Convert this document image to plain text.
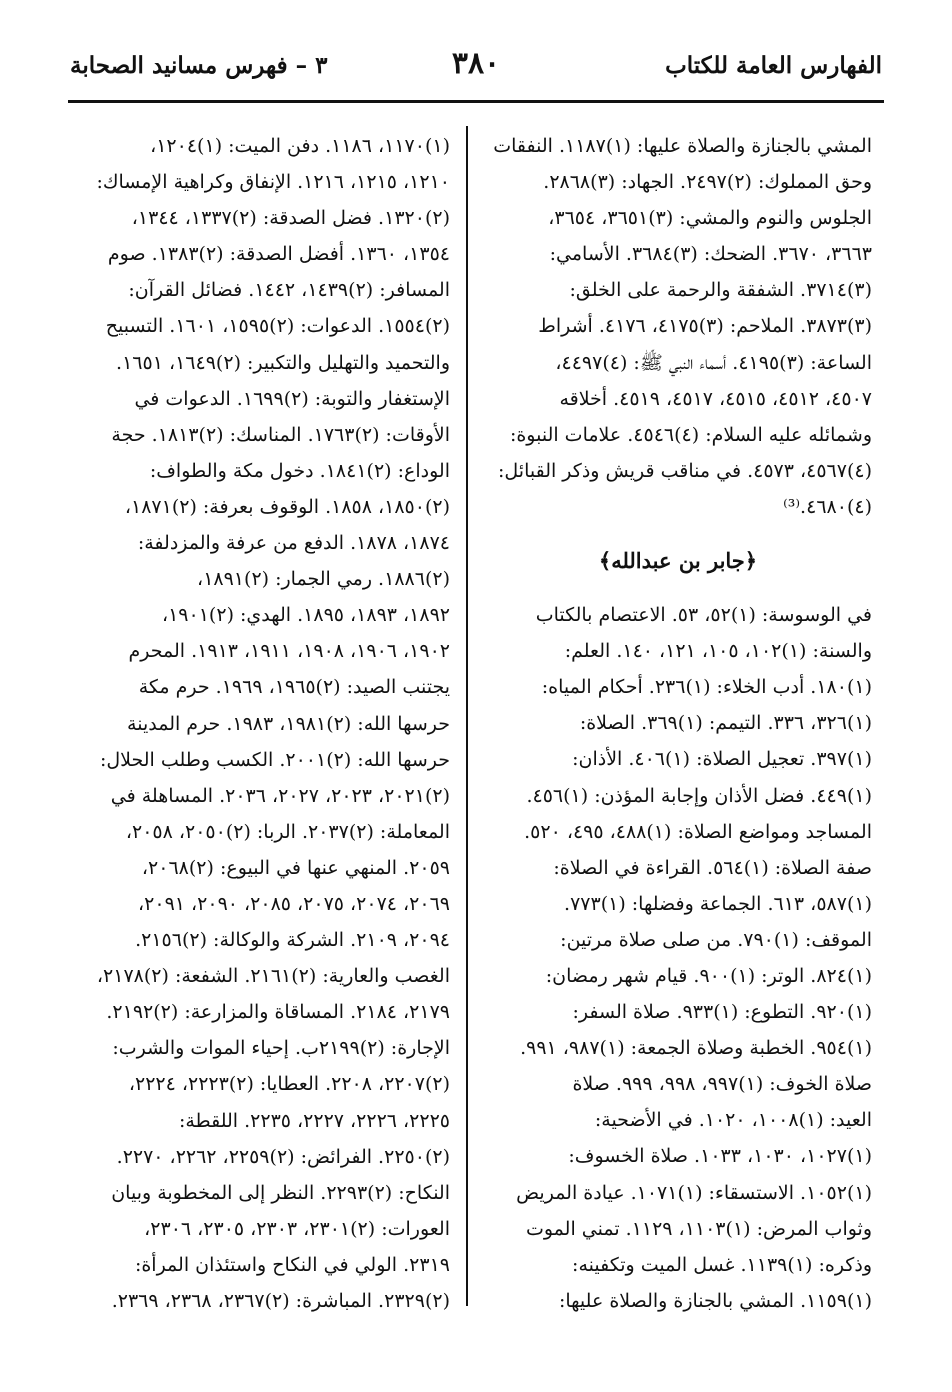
الفهارس العامة للكتاب
٣٨٠
٣ – فهرس مسانيد الصحابة
المشي بالجنازة والصلاة عليها: (١)١١٨٧. النفقات
وحق المملوك: (٢)٢٤٩٧. الجهاد: (٣)٢٨٦٨.
الجلوس والنوم والمشي: (٣)٣٦٥١، ٣٦٥٤،
٣٦٦٣، ٣٦٧٠. الضحك: (٣)٣٦٨٤. الأسامي:
(٣)٣٧١٤. الشفقة والرحمة على الخلق:
(٣)٣٨٧٣. الملاحم: (٣)٤١٧٥، ٤١٧٦. أشراط
الساعة: (٣)٤١٩٥. أسماء النبي ﷺ: (٤)٤٤٩٧،
٤٥٠٧، ٤٥١٢، ٤٥١٥، ٤٥١٧، ٤٥١٩. أخلاقه
وشمائله عليه السلام: (٤)٤٥٤٦. علامات النبوة:
(٤)٤٥٦٧، ٤٥٧٣. في مناقب قريش وذكر القبائل:
(٤)٤٦٨٠.⁽³⁾
﴿جابر بن عبدالله﴾
في الوسوسة: (١)٥٢، ٥٣. الاعتصام بالكتاب
والسنة: (١)١٠٢، ١٠٥، ١٢١، ١٤٠. العلم:
(١)١٨٠. أدب الخلاء: (١)٢٣٦. أحكام المياه:
(١)٣٢٦، ٣٣٦. التيمم: (١)٣٦٩. الصلاة:
(١)٣٩٧. تعجيل الصلاة: (١)٤٠٦. الأذان:
(١)٤٤٩. فضل الأذان وإجابة المؤذن: (١)٤٥٦.
المساجد ومواضع الصلاة: (١)٤٨٨، ٤٩٥، ٥٢٠.
صفة الصلاة: (١)٥٦٤. القراءة في الصلاة:
(١)٥٨٧، ٦١٣. الجماعة وفضلها: (١)٧٧٣.
الموقف: (١)٧٩٠. من صلى صلاة مرتين:
(١)٨٢٤. الوتر: (١)٩٠٠. قيام شهر رمضان:
(١)٩٢٠. التطوع: (١)٩٣٣. صلاة السفر:
(١)٩٥٤. الخطبة وصلاة الجمعة: (١)٩٨٧، ٩٩١.
صلاة الخوف: (١)٩٩٧، ٩٩٨، ٩٩٩. صلاة
العيد: (١)١٠٠٨، ١٠٢٠. في الأضحية:
(١)١٠٢٧، ١٠٣٠، ١٠٣٣. صلاة الخسوف:
(١)١٠٥٢. الاستسقاء: (١)١٠٧١. عيادة المريض
وثواب المرض: (١)١١٠٣، ١١٢٩. تمني الموت
وذكره: (١)١١٣٩. غسل الميت وتكفينه:
(١)١١٥٩. المشي بالجنازة والصلاة عليها:
(١)١١٧٠، ١١٨٦. دفن الميت: (١)١٢٠٤،
١٢١٠، ١٢١٥، ١٢١٦. الإنفاق وكراهية الإمساك:
(٢)١٣٢٠. فضل الصدقة: (٢)١٣٣٧، ١٣٤٤،
١٣٥٤، ١٣٦٠. أفضل الصدقة: (٢)١٣٨٣. صوم
المسافر: (٢)١٤٣٩، ١٤٤٢. فضائل القرآن:
(٢)١٥٥٤. الدعوات: (٢)١٥٩٥، ١٦٠١. التسبيح
والتحميد والتهليل والتكبير: (٢)١٦٤٩، ١٦٥١.
الإستغفار والتوبة: (٢)١٦٩٩. الدعوات في
الأوقات: (٢)١٧٦٣. المناسك: (٢)١٨١٣. حجة
الوداع: (٢)١٨٤١. دخول مكة والطواف:
(٢)١٨٥٠، ١٨٥٨. الوقوف بعرفة: (٢)١٨٧١،
١٨٧٤، ١٨٧٨. الدفع من عرفة والمزدلفة:
(٢)١٨٨٦. رمي الجمار: (٢)١٨٩١،
١٨٩٢، ١٨٩٣، ١٨٩٥. الهدي: (٢)١٩٠١،
١٩٠٢، ١٩٠٦، ١٩٠٨، ١٩١١، ١٩١٣. المحرم
يجتنب الصيد: (٢)١٩٦٥، ١٩٦٩. حرم مكة
حرسها الله: (٢)١٩٨١، ١٩٨٣. حرم المدينة
حرسها الله: (٢)٢٠٠١. الكسب وطلب الحلال:
(٢)٢٠٢١، ٢٠٢٣، ٢٠٢٧، ٢٠٣٦. المساهلة في
المعاملة: (٢)٢٠٣٧. الربا: (٢)٢٠٥٠، ٢٠٥٨،
٢٠٥٩. المنهي عنها في البيوع: (٢)٢٠٦٨،
٢٠٦٩، ٢٠٧٤، ٢٠٧٥، ٢٠٨٥، ٢٠٩٠، ٢٠٩١،
٢٠٩٤، ٢١٠٩. الشركة والوكالة: (٢)٢١٥٦.
الغصب والعارية: (٢)٢١٦١. الشفعة: (٢)٢١٧٨،
٢١٧٩، ٢١٨٤. المساقاة والمزارعة: (٢)٢١٩٢.
الإجارة: (٢)٢١٩٩ب. إحياء الموات والشرب:
(٢)٢٢٠٧، ٢٢٠٨. العطايا: (٢)٢٢٢٣، ٢٢٢٤،
٢٢٢٥، ٢٢٢٦، ٢٢٢٧، ٢٢٣٥. اللقطة:
(٢)٢٢٥٠. الفرائض: (٢)٢٢٥٩، ٢٢٦٢، ٢٢٧٠.
النكاح: (٢)٢٢٩٣. النظر إلى المخطوبة وبيان
العورات: (٢)٢٣٠١، ٢٣٠٣، ٢٣٠٥، ٢٣٠٦،
٢٣١٩. الولي في النكاح واستئذان المرأة:
(٢)٢٣٢٩. المباشرة: (٢)٢٣٦٧، ٢٣٦٨، ٢٣٦٩.
